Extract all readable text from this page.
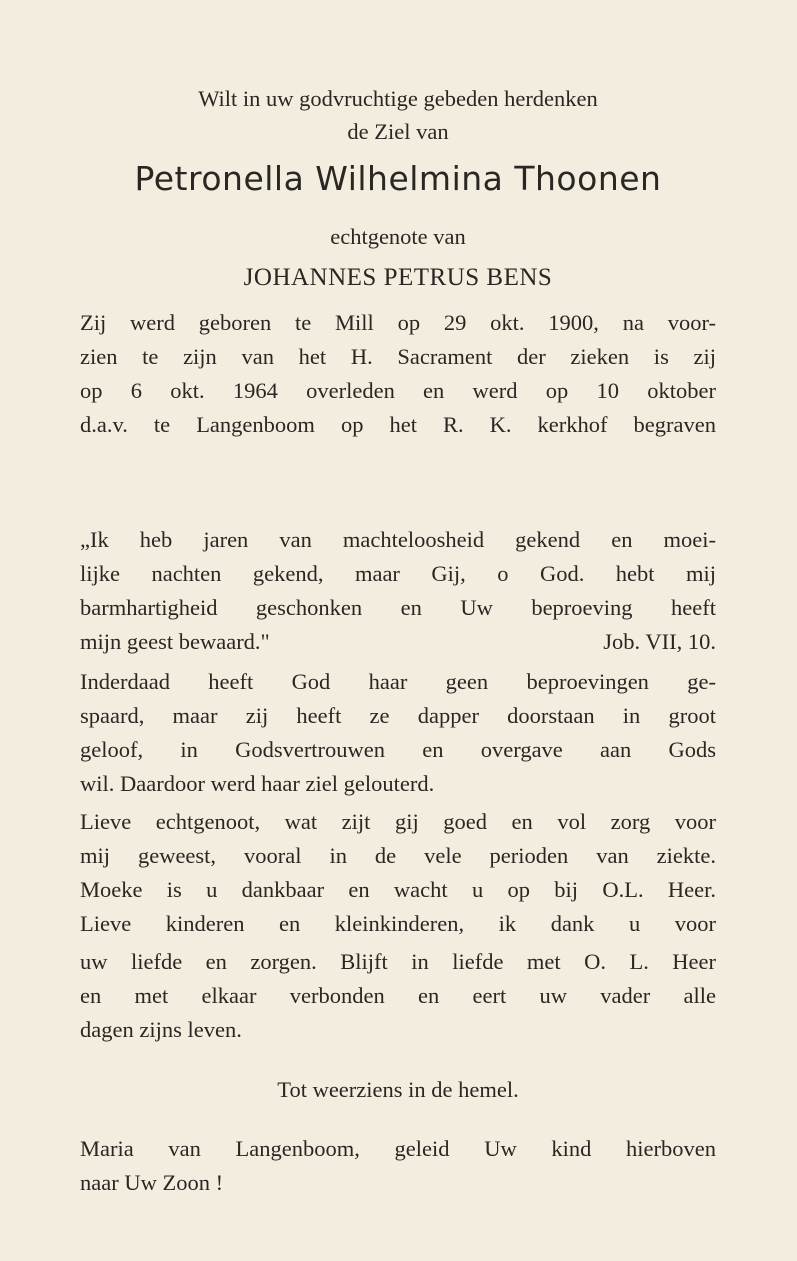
Wilt in uw godvruchtige gebeden herdenken
de Ziel van
Petronella Wilhelmina Thoonen
echtgenote van
JOHANNES PETRUS BENS
Zij werd geboren te Mill op 29 okt. 1900, na voor-
zien te zijn van het H. Sacrament der zieken is zij
op 6 okt. 1964 overleden en werd op 10 oktober
d.a.v. te Langenboom op het R. K. kerkhof begraven
„Ik heb jaren van machteloosheid gekend en moei-
lijke nachten gekend, maar Gij, o God. hebt mij
barmhartigheid geschonken en Uw beproeving heeft
mijn geest bewaard."	Job. VII, 10.
Inderdaad heeft God haar geen beproevingen ge-
spaard, maar zij heeft ze dapper doorstaan in groot
geloof, in Godsvertrouwen en overgave aan Gods
wil. Daardoor werd haar ziel gelouterd.
Lieve echtgenoot, wat zijt gij goed en vol zorg voor
mij geweest, vooral in de vele perioden van ziekte.
Moeke is u dankbaar en wacht u op bij O.L. Heer.
Lieve kinderen en kleinkinderen, ik dank u voor
uw liefde en zorgen. Blijft in liefde met O. L. Heer
en met elkaar verbonden en eert uw vader alle
dagen zijns leven.
Tot weerziens in de hemel.
Maria van Langenboom, geleid Uw kind hierboven
naar Uw Zoon !
